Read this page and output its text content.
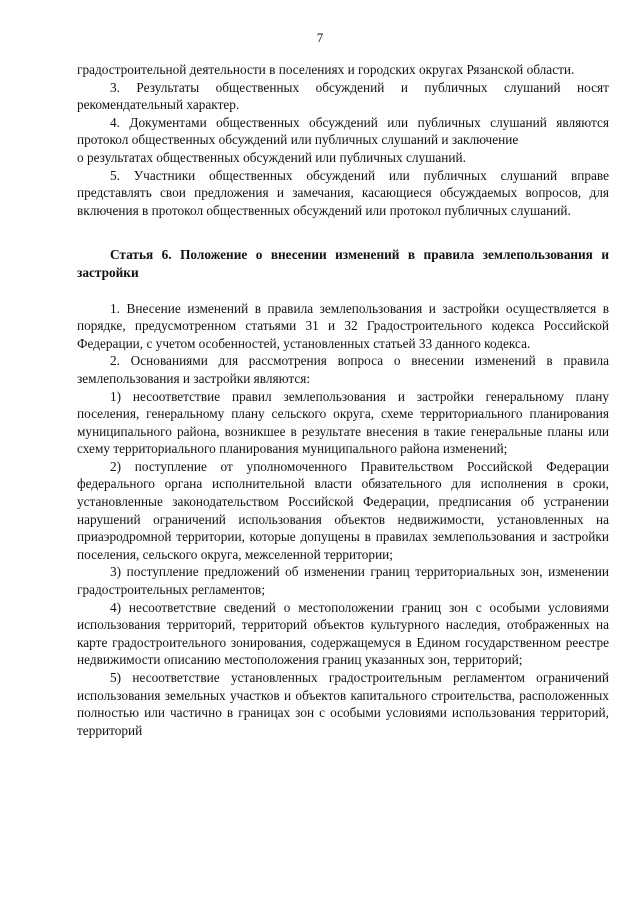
7

градостроительной деятельности в поселениях и городских округах Рязанской области.

3. Результаты общественных обсуждений и публичных слушаний носят рекомендательный характер.

4. Документами общественных обсуждений или публичных слушаний являются протокол общественных обсуждений или публичных слушаний и заключение

о результатах общественных обсуждений или публичных слушаний.

5. Участники общественных обсуждений или публичных слушаний вправе представлять свои предложения и замечания, касающиеся обсуждаемых вопросов, для включения в протокол общественных обсуждений или протокол публичных слушаний.

Статья 6. Положение о внесении изменений в правила землепользования и застройки

1. Внесение изменений в правила землепользования и застройки осуществляется в порядке, предусмотренном статьями 31 и 32 Градостроительного кодекса Российской Федерации, с учетом особенностей, установленных статьей 33 данного кодекса.

2. Основаниями для рассмотрения вопроса о внесении изменений в правила землепользования и застройки являются:

1) несоответствие правил землепользования и застройки генеральному плану поселения, генеральному плану сельского округа, схеме территориального планирования муниципального района, возникшее в результате внесения в такие генеральные планы или схему территориального планирования муниципального района изменений;

2) поступление от уполномоченного Правительством Российской Федерации федерального органа исполнительной власти обязательного для исполнения в сроки, установленные законодательством Российской Федерации, предписания об устранении нарушений ограничений использования объектов недвижимости, установленных на приаэродромной территории, которые допущены в правилах землепользования и застройки поселения, сельского округа, межселенной территории;

3) поступление предложений об изменении границ территориальных зон, изменении градостроительных регламентов;

4) несоответствие сведений о местоположении границ зон с особыми условиями использования территорий, территорий объектов культурного наследия, отображенных на карте градостроительного зонирования, содержащемуся в Едином государственном реестре недвижимости описанию местоположения границ указанных зон, территорий;

5) несоответствие установленных градостроительным регламентом ограничений использования земельных участков и объектов капитального строительства, расположенных полностью или частично в границах зон с особыми условиями использования территорий, территорий
